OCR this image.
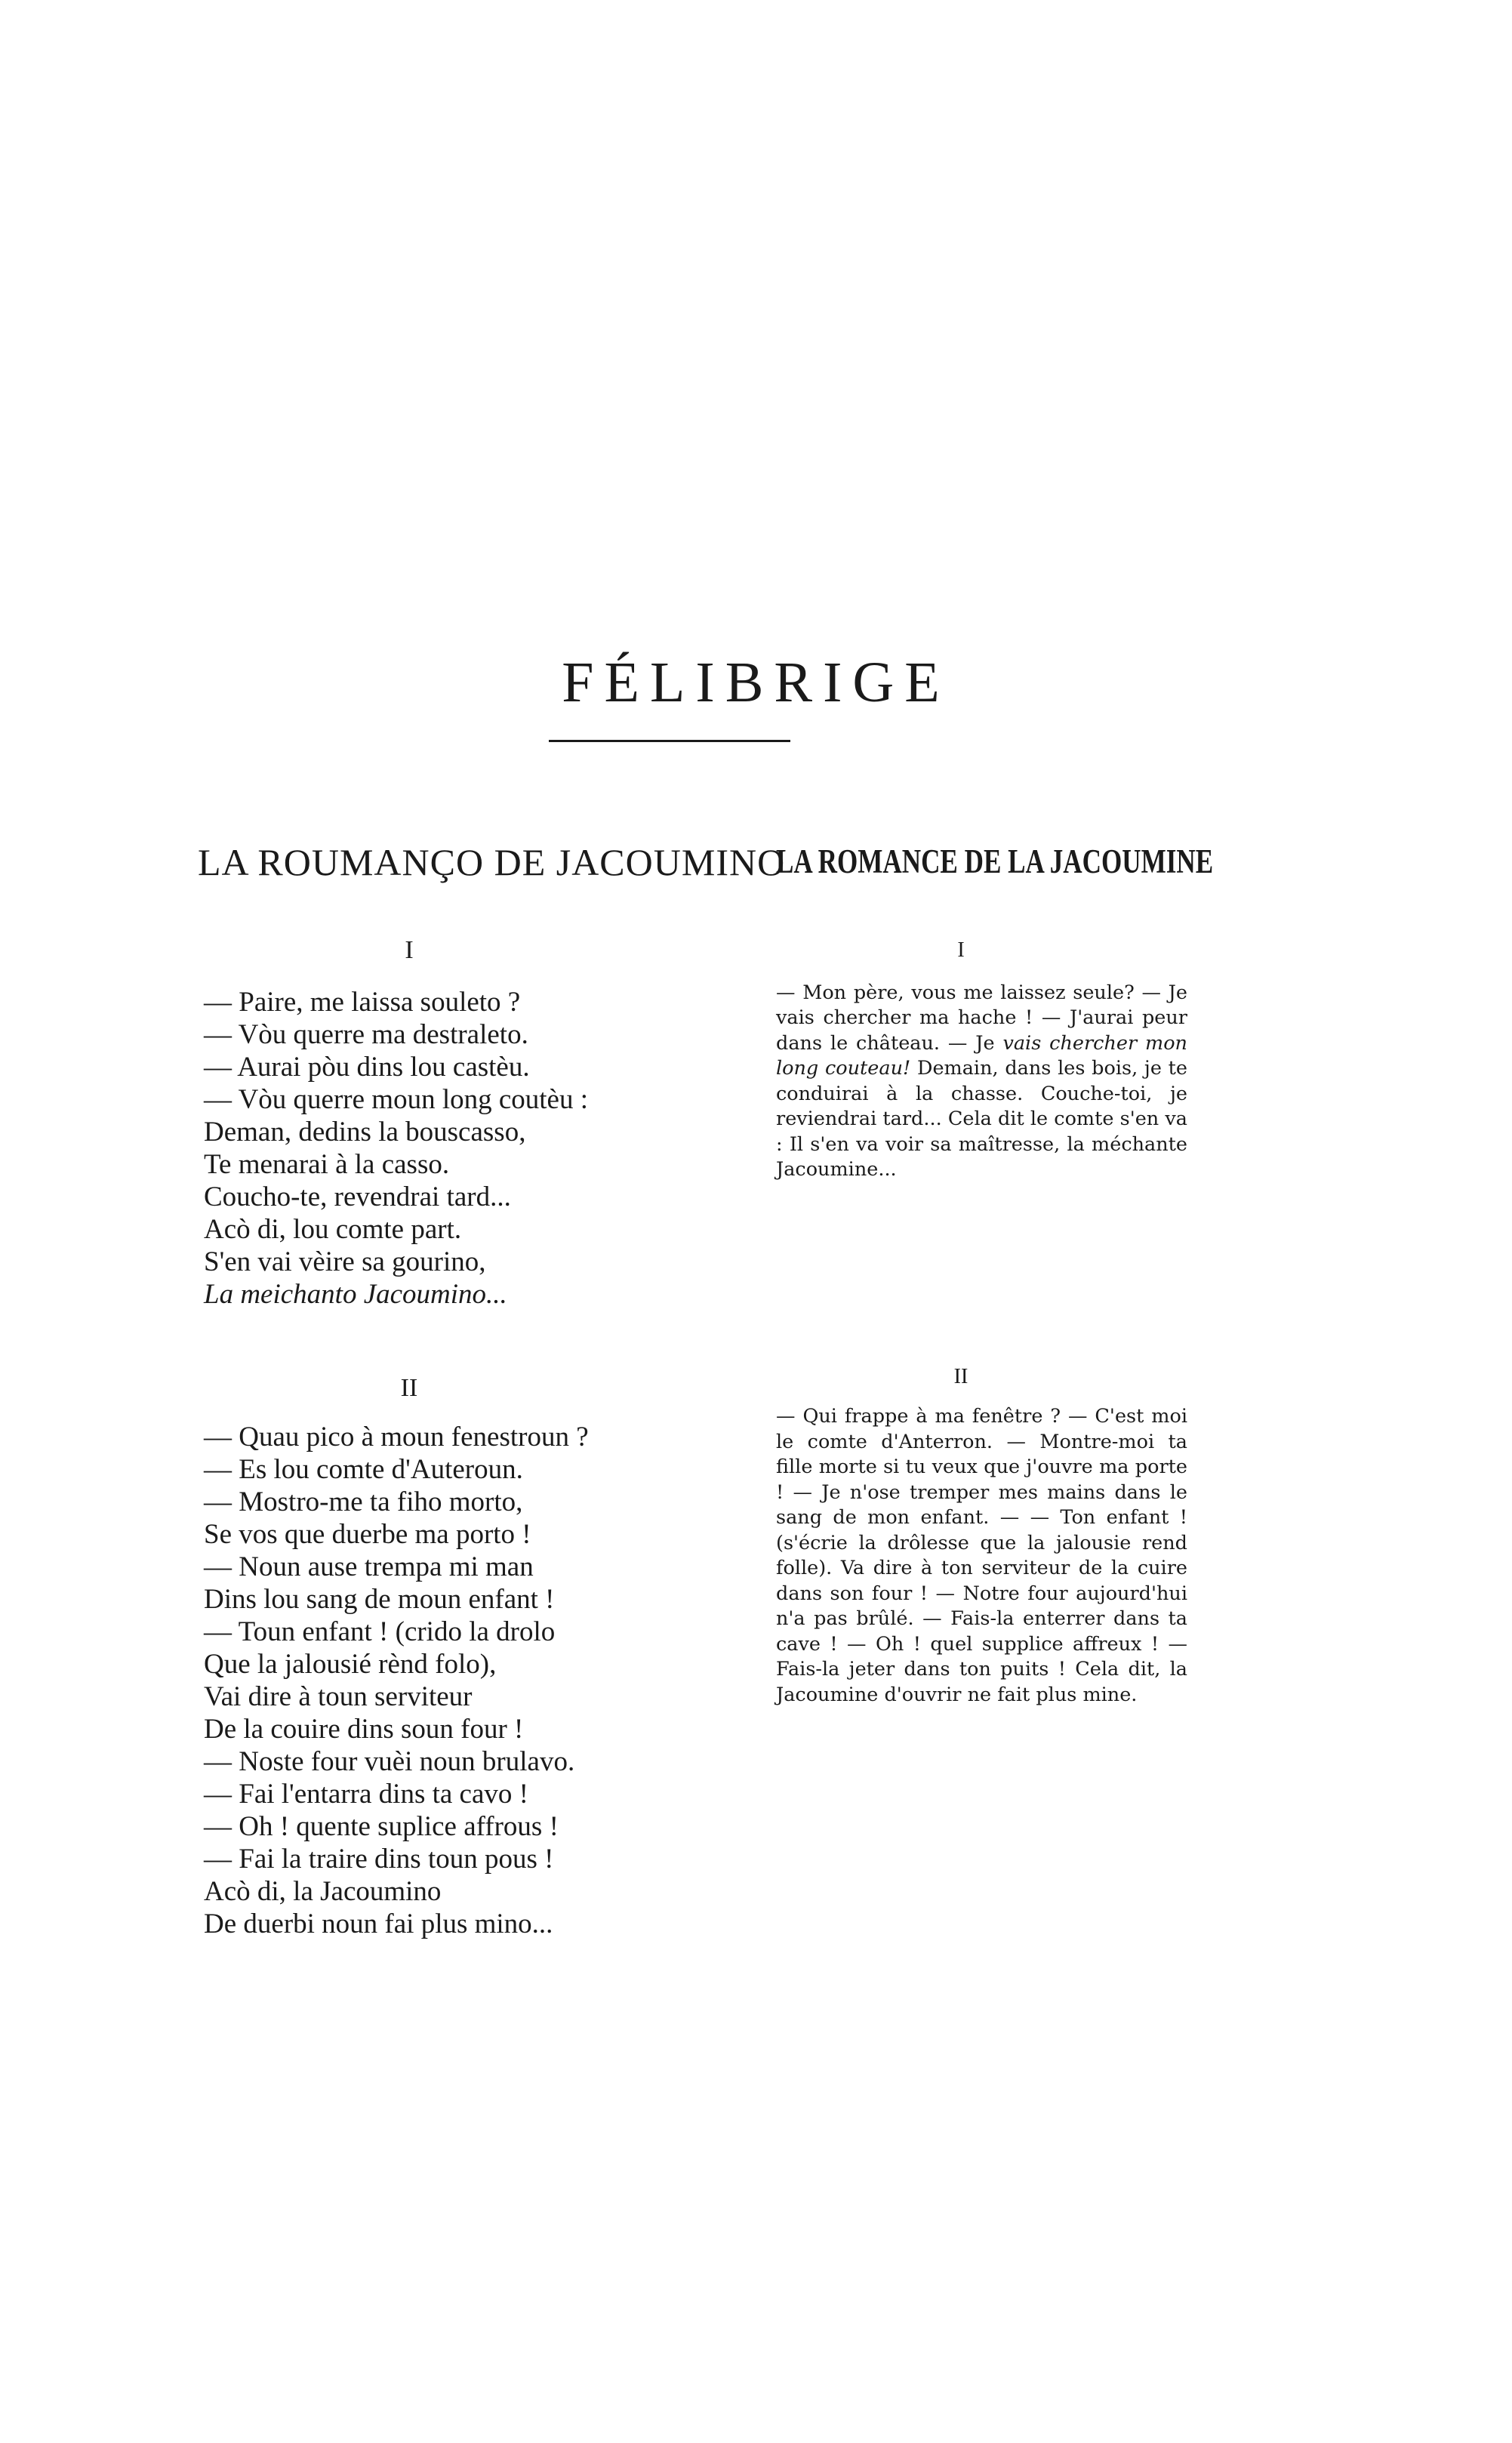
FÉLIBRIGE
LA ROUMANÇO DE JACOUMINO
I
— Paire, me laissa souleto ?
— Vòu querre ma destraleto.
— Aurai pòu dins lou castèu.
— Vòu querre moun long coutèu :
Deman, dedins la bouscasso,
Te menarai à la casso.
Coucho-te, revendrai tard...
Acò di, lou comte part.
S'en vai vèire sa gourino,
La meichanto Jacoumino...
II
— Quau pico à moun fenestroun ?
— Es lou comte d'Auteroun.
— Mostro-me ta fiho morto,
Se vos que duerbe ma porto !
— Noun ause trempa mi man
Dins lou sang de moun enfant !
— Toun enfant ! (crido la drolo
Que la jalousié rènd folo),
Vai dire à toun serviteur
De la couire dins soun four !
— Noste four vuèi noun brulavo.
— Fai l'entarra dins ta cavo !
— Oh ! quente suplice affrous !
— Fai la traire dins toun pous !
Acò di, la Jacoumino
De duerbi noun fai plus mino...
LA ROMANCE DE LA JACOUMINE
I

— Mon père, vous me laissez seule? — Je vais chercher ma hache ! — J'aurai peur dans le château. — Je vais chercher mon long couteau! Demain, dans les bois, je te conduirai à la chasse. Couche-toi, je reviendrai tard... Cela dit le comte s'en va : Il s'en va voir sa maîtresse, la méchante Jacoumine...

II

— Qui frappe à ma fenêtre ? — C'est moi le comte d'Anterron. — Montre-moi ta fille morte si tu veux que j'ouvre ma porte ! — Je n'ose tremper mes mains dans le sang de mon enfant. — — Ton enfant ! (s'écrie la drôlesse que la jalousie rend folle). Va dire à ton serviteur de la cuire dans son four ! — Notre four aujourd'hui n'a pas brûlé. — Fais-la enterrer dans ta cave ! — Oh ! quel supplice affreux ! — Fais-la jeter dans ton puits ! Cela dit, la Jacoumine d'ouvrir ne fait plus mine.
